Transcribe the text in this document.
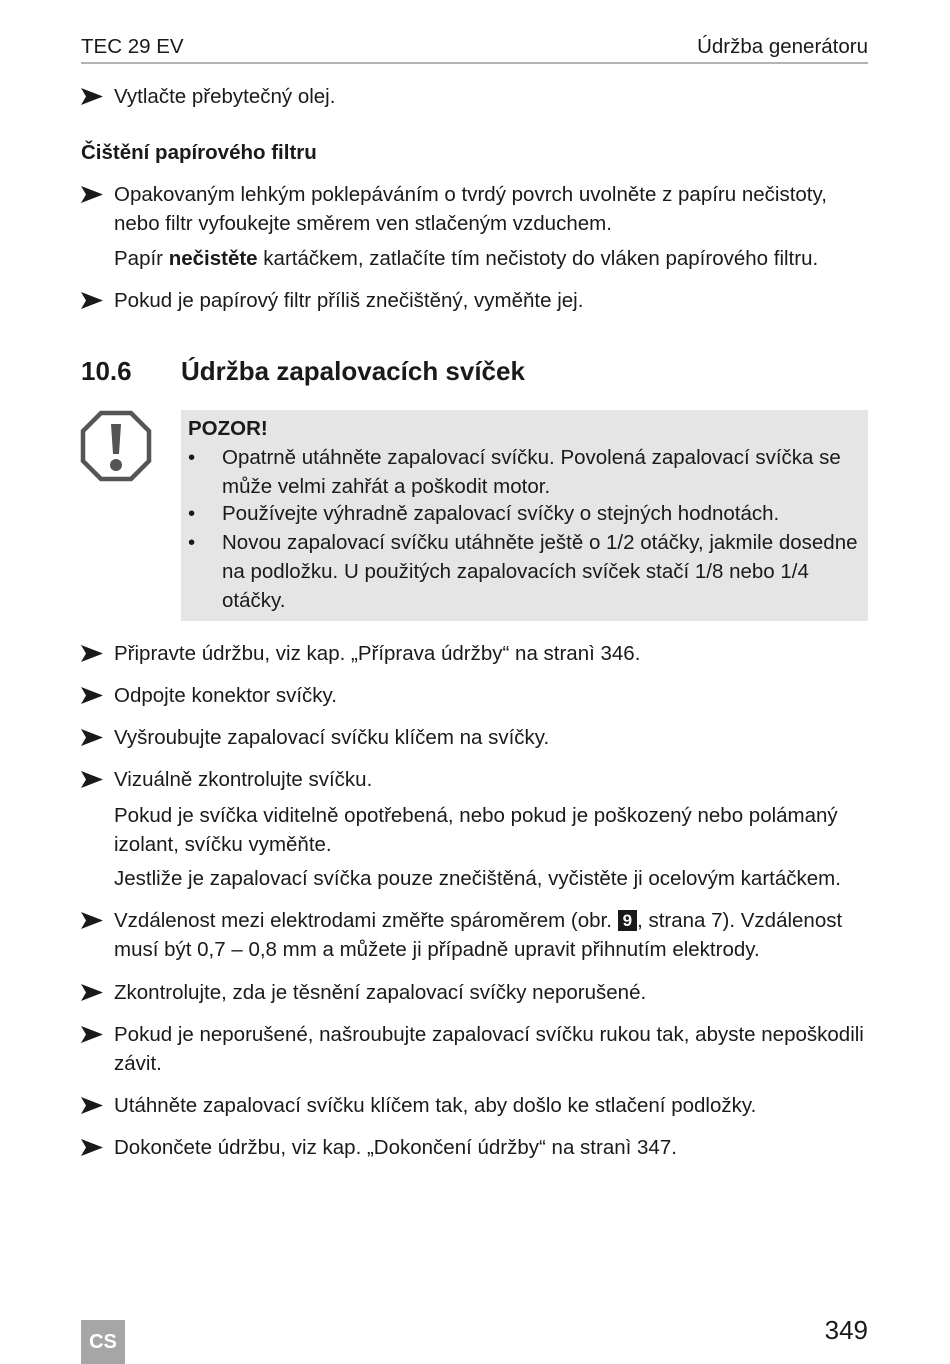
TEC 29 EV	Údržba generátoru
Vytlačte přebytečný olej.
Čištění papírového filtru
Opakovaným lehkým poklepáváním o tvrdý povrch uvolněte z papíru nečistoty, nebo filtr vyfoukejte směrem ven stlačeným vzduchem.
Papír nečistěte kartáčkem, zatlačíte tím nečistoty do vláken papírového filtru.
Pokud je papírový filtr příliš znečištěný, vyměňte jej.
10.6 Údržba zapalovacích svíček
POZOR!
• Opatrně utáhněte zapalovací svíčku. Povolená zapalovací svíčka se může velmi zahřát a poškodit motor.
• Používejte výhradně zapalovací svíčky o stejných hodnotách.
• Novou zapalovací svíčku utáhněte ještě o 1/2 otáčky, jakmile dosedne na podložku. U použitých zapalovacích svíček stačí 1/8 nebo 1/4 otáčky.
Připravte údržbu, viz kap. „Příprava údržby“ na stranì 346.
Odpojte konektor svíčky.
Vyšroubujte zapalovací svíčku klíčem na svíčky.
Vizuálně zkontrolujte svíčku.
Pokud je svíčka viditelně opotřebená, nebo pokud je poškozený nebo polámaný izolant, svíčku vyměňte.
Jestliže je zapalovací svíčka pouze znečištěná, vyčistěte ji ocelovým kartáčkem.
Vzdálenost mezi elektrodami změřte spároměrem (obr. 9 , strana 7). Vzdálenost musí být 0,7 – 0,8 mm a můžete ji případně upravit přihnutím elektrody.
Zkontrolujte, zda je těsnění zapalovací svíčky neporušené.
Pokud je neporušené, našroubujte zapalovací svíčku rukou tak, abyste nepoškodili závit.
Utáhněte zapalovací svíčku klíčem tak, aby došlo ke stlačení podložky.
Dokončete údržbu, viz kap. „Dokončení údržby“ na stranì 347.
CS	349
